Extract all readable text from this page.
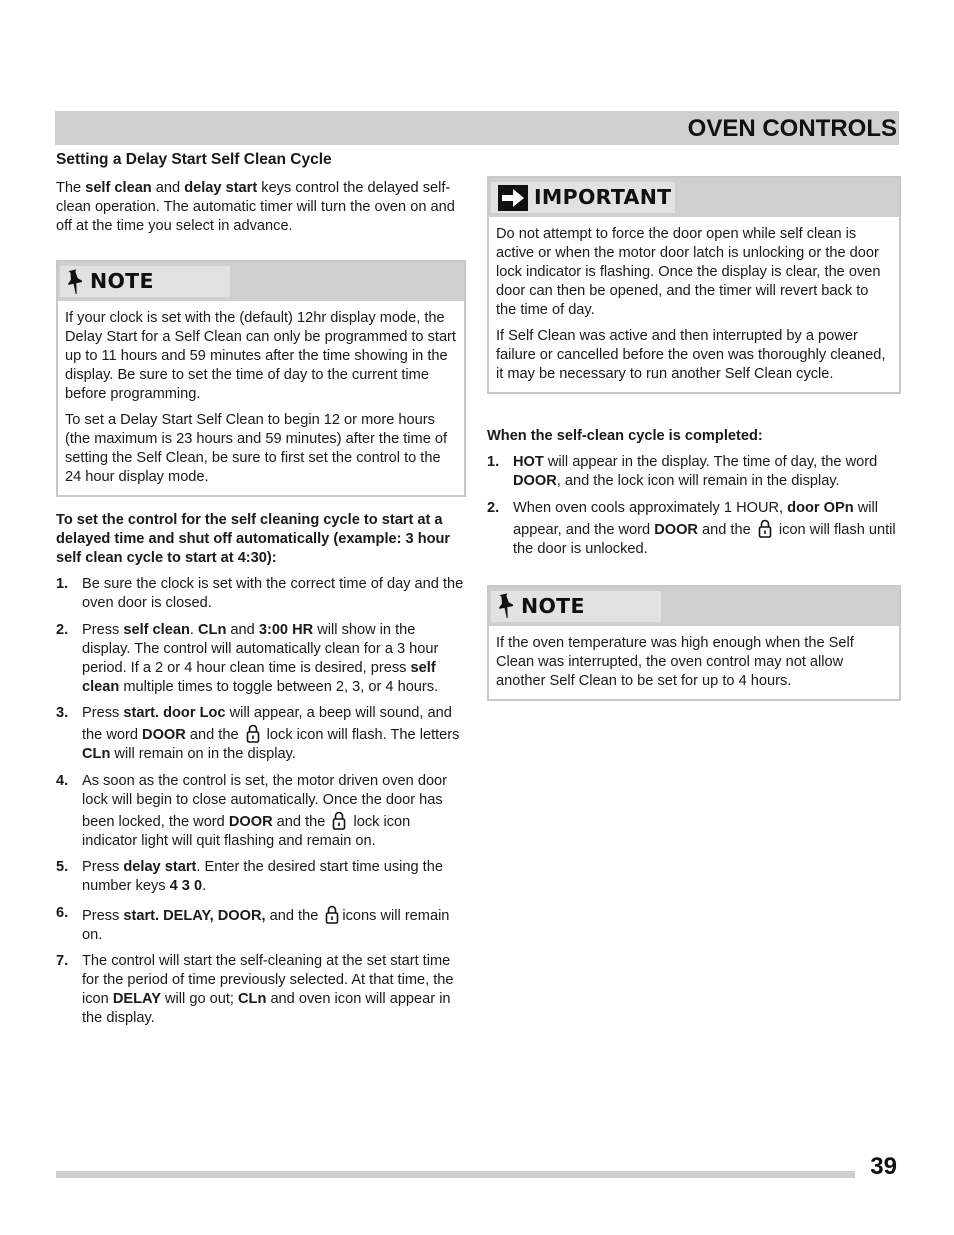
OVEN CONTROLS
Setting a Delay Start Self Clean Cycle

The self clean and delay start keys control the delayed self-clean operation. The automatic timer will turn the oven on and off at the time you select in advance.

NOTE

If your clock is set with the (default) 12hr display mode, the Delay Start for a Self Clean can only be programmed to start up to 11 hours and 59 minutes after the time showing in the display. Be sure to set the time of day to the current time before programming.

To set a Delay Start Self Clean to begin 12 or more hours (the maximum is 23 hours and 59 minutes) after the time of setting the Self Clean, be sure to first set the control to the 24 hour display mode.

To set the control for the self cleaning cycle to start at a delayed time and shut off automatically (example: 3 hour self clean cycle to start at 4:30):

1. Be sure the clock is set with the correct time of day and the oven door is closed.
2. Press self clean. CLn and 3:00 HR will show in the display. The control will automatically clean for a 3 hour period. If a 2 or 4 hour clean time is desired, press self clean multiple times to toggle between 2, 3, or 4 hours.
3. Press start. door Loc will appear, a beep will sound, and the word DOOR and the  lock icon will flash. The letters CLn will remain on in the display.
4. As soon as the control is set, the motor driven oven door lock will begin to close automatically. Once the door has been locked, the word DOOR and the  lock icon indicator light will quit flashing and remain on.
5. Press delay start. Enter the desired start time using the number keys 4 3 0.
6. Press start. DELAY, DOOR, and the icons will remain on.
7. The control will start the self-cleaning at the set start time for the period of time previously selected. At that time, the icon DELAY will go out; CLn and oven icon will appear in the display.
IMPORTANT

Do not attempt to force the door open while self clean is active or when the motor door latch is unlocking or the door lock indicator is flashing. Once the display is clear, the oven door can then be opened, and the timer will revert back to the time of day.

If Self Clean was active and then interrupted by a power failure or cancelled before the oven was thoroughly cleaned, it may be necessary to run another Self Clean cycle.

When the self-clean cycle is completed:

1. HOT will appear in the display. The time of day, the word DOOR, and the lock icon will remain in the display.
2. When oven cools approximately 1 HOUR, door OPn will appear, and the word DOOR and the  icon will flash until the door is unlocked.
NOTE

If the oven temperature was high enough when the Self Clean was interrupted, the oven control may not allow another Self Clean to be set for up to 4 hours.

39
